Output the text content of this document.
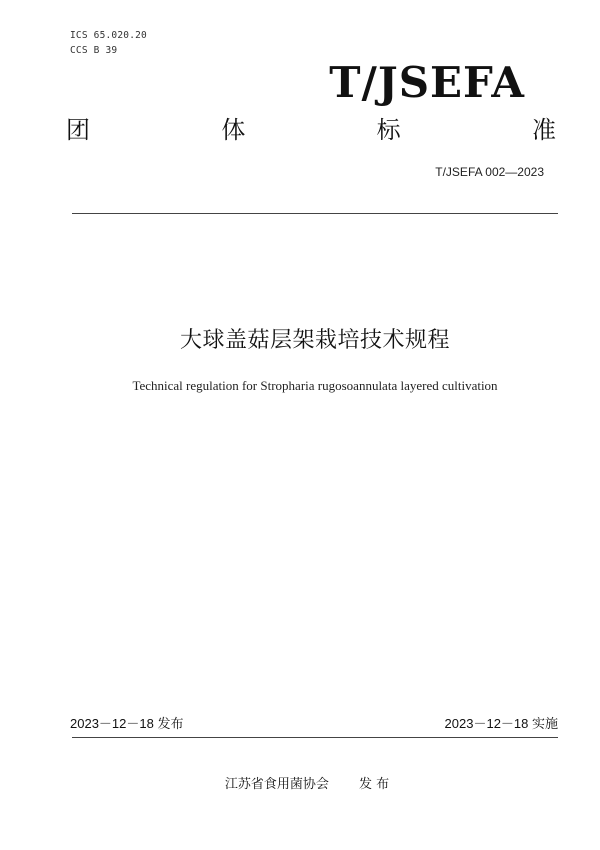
ICS 65.020.20
CCS B 39
T/JSEFA
团	体	标	准
T/JSEFA 002—2023
大球盖菇层架栽培技术规程
Technical regulation for Stropharia rugosoannulata layered cultivation
2023－12－18 发布	2023－12－18 实施
江苏省食用菌协会 发 布
